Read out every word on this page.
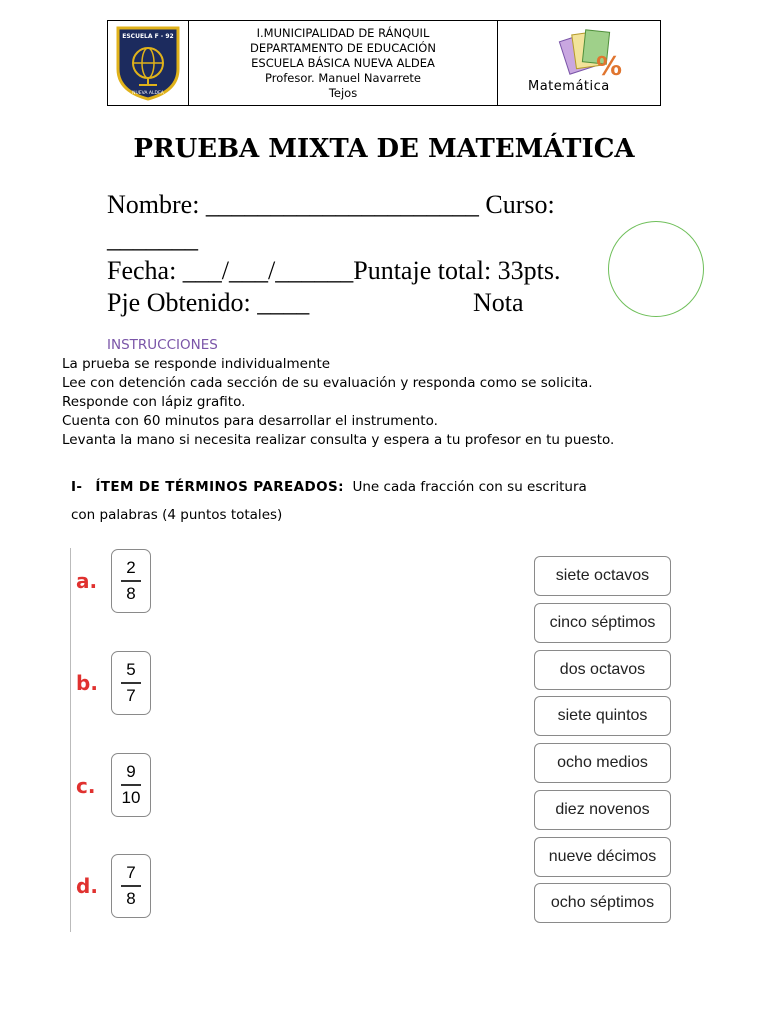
ESCUELA F - 92
NUEVA ALDEA
I.MUNICIPALIDAD DE RÁNQUIL
DEPARTAMENTO DE EDUCACIÓN
ESCUELA BÁSICA NUEVA ALDEA
Profesor. Manuel Navarrete
Tejos
%
Matemática
PRUEBA MIXTA DE MATEMÁTICA
Nombre: _____________________ Curso:
_______
Fecha: ___/___/______Puntaje total: 33pts.
Pje Obtenido: ____	Nota
INSTRUCCIONES
La prueba se responde individualmente
Lee con detención cada sección de su evaluación y responda como se solicita.
Responde con lápiz grafito.
Cuenta con 60 minutos para desarrollar el instrumento.
Levanta la mano si necesita realizar consulta y espera a tu profesor en tu puesto.
I- ÍTEM DE TÉRMINOS PAREADOS: Une cada fracción con su escritura
con palabras (4 puntos totales)
a.
2
8
b.
5
7
c.
9
10
d.
7
8
siete octavos
cinco séptimos
dos octavos
siete quintos
ocho medios
diez novenos
nueve décimos
ocho séptimos
